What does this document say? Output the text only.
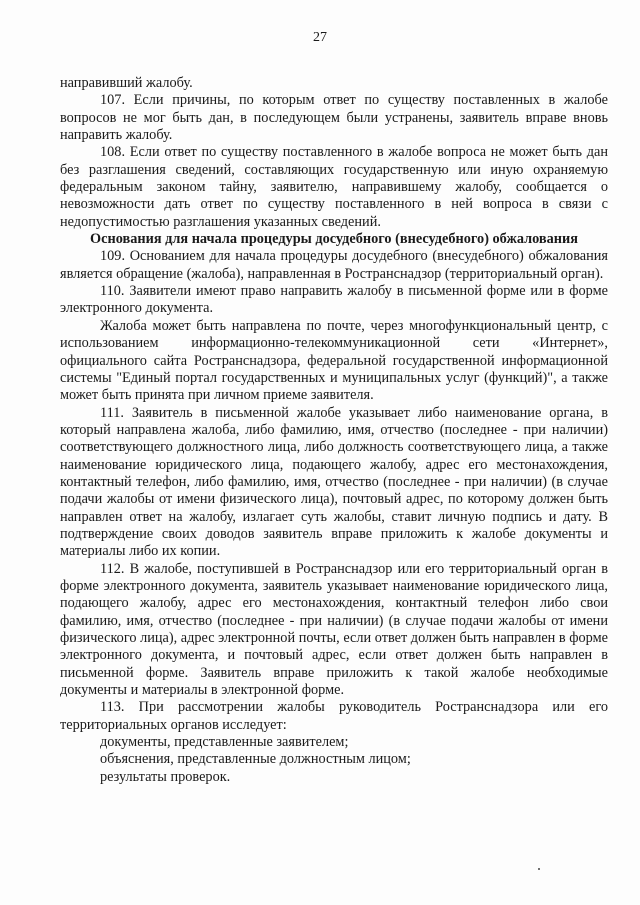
27

направивший жалобу.

107. Если причины, по которым ответ по существу поставленных в жалобе вопросов не мог быть дан, в последующем были устранены, заявитель вправе вновь направить жалобу.

108. Если ответ по существу поставленного в жалобе вопроса не может быть дан без разглашения сведений, составляющих государственную или иную охраняемую федеральным законом тайну, заявителю, направившему жалобу, сообщается о невозможности дать ответ по существу поставленного в ней вопроса в связи с недопустимостью разглашения указанных сведений.

Основания для начала процедуры досудебного (внесудебного) обжалования

109. Основанием для начала процедуры досудебного (внесудебного) обжалования является обращение (жалоба), направленная в Ространснадзор (территориальный орган).

110. Заявители имеют право направить жалобу в письменной форме или в форме электронного документа.

Жалоба может быть направлена по почте, через многофункциональный центр, с использованием информационно-телекоммуникационной сети «Интернет», официального сайта Ространснадзора, федеральной государственной информационной системы "Единый портал государственных и муниципальных услуг (функций)", а также может быть принята при личном приеме заявителя.

111. Заявитель в письменной жалобе указывает либо наименование органа, в который направлена жалоба, либо фамилию, имя, отчество (последнее - при наличии) соответствующего должностного лица, либо должность соответствующего лица, а также наименование юридического лица, подающего жалобу, адрес его местонахождения, контактный телефон, либо фамилию, имя, отчество (последнее - при наличии) (в случае подачи жалобы от имени физического лица), почтовый адрес, по которому должен быть направлен ответ на жалобу, излагает суть жалобы, ставит личную подпись и дату. В подтверждение своих доводов заявитель вправе приложить к жалобе документы и материалы либо их копии.

112. В жалобе, поступившей в Ространснадзор или его территориальный орган в форме электронного документа, заявитель указывает наименование юридического лица, подающего жалобу, адрес его местонахождения, контактный телефон либо свои фамилию, имя, отчество (последнее - при наличии) (в случае подачи жалобы от имени физического лица), адрес электронной почты, если ответ должен быть направлен в форме электронного документа, и почтовый адрес, если ответ должен быть направлен в письменной форме. Заявитель вправе приложить к такой жалобе необходимые документы и материалы в электронной форме.

113. При рассмотрении жалобы руководитель Ространснадзора или его территориальных органов исследует:

документы, представленные заявителем;

объяснения, представленные должностным лицом;

результаты проверок.
